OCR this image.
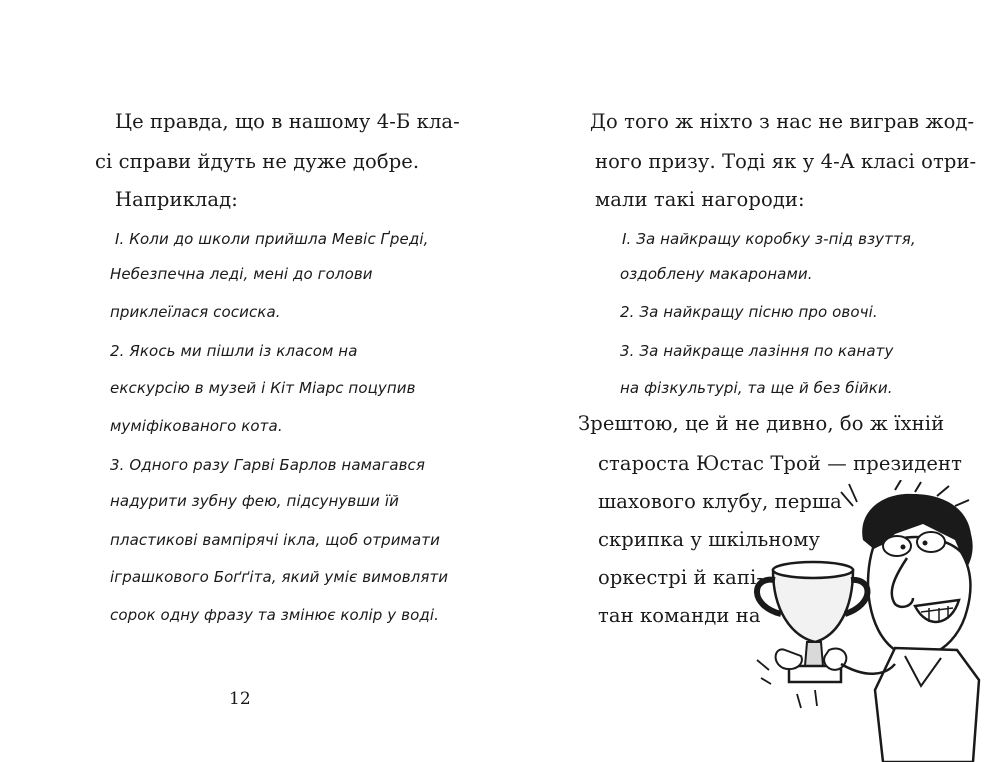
Це правда, що в нашому 4-Б кла-
сі справи йдуть не дуже добре.
Наприклад:
І. Коли до школи прийшла Мевіс Ґреді,
Небезпечна леді, мені до голови
приклеїлася сосиска.
2. Якось ми пішли із класом на
екскурсію в музей і Кіт Міарс поцупив
муміфікованого кота.
3. Одного разу Гарві Барлов намагався
надурити зубну фею, підсунувши їй
пластикові вампірячі ікла, щоб отримати
іграшкового Боґґіта, який уміє вимовляти
сорок одну фразу та змінює колір у воді.
12
До того ж ніхто з нас не виграв жод-
ного призу. Тоді як у 4-А класі отри-
мали такі нагороди:
І. За найкращу коробку з-під взуття,
оздоблену макаронами.
2. За найкращу пісню про овочі.
3. За найкраще лазіння по канату
на фізкультурі, та ще й без бійки.
Зрештою, це й не дивно, бо ж їхній
староста Юстас Трой — президент
шахового клубу, перша
скрипка у шкільному
оркестрі й капі-
тан команди на
